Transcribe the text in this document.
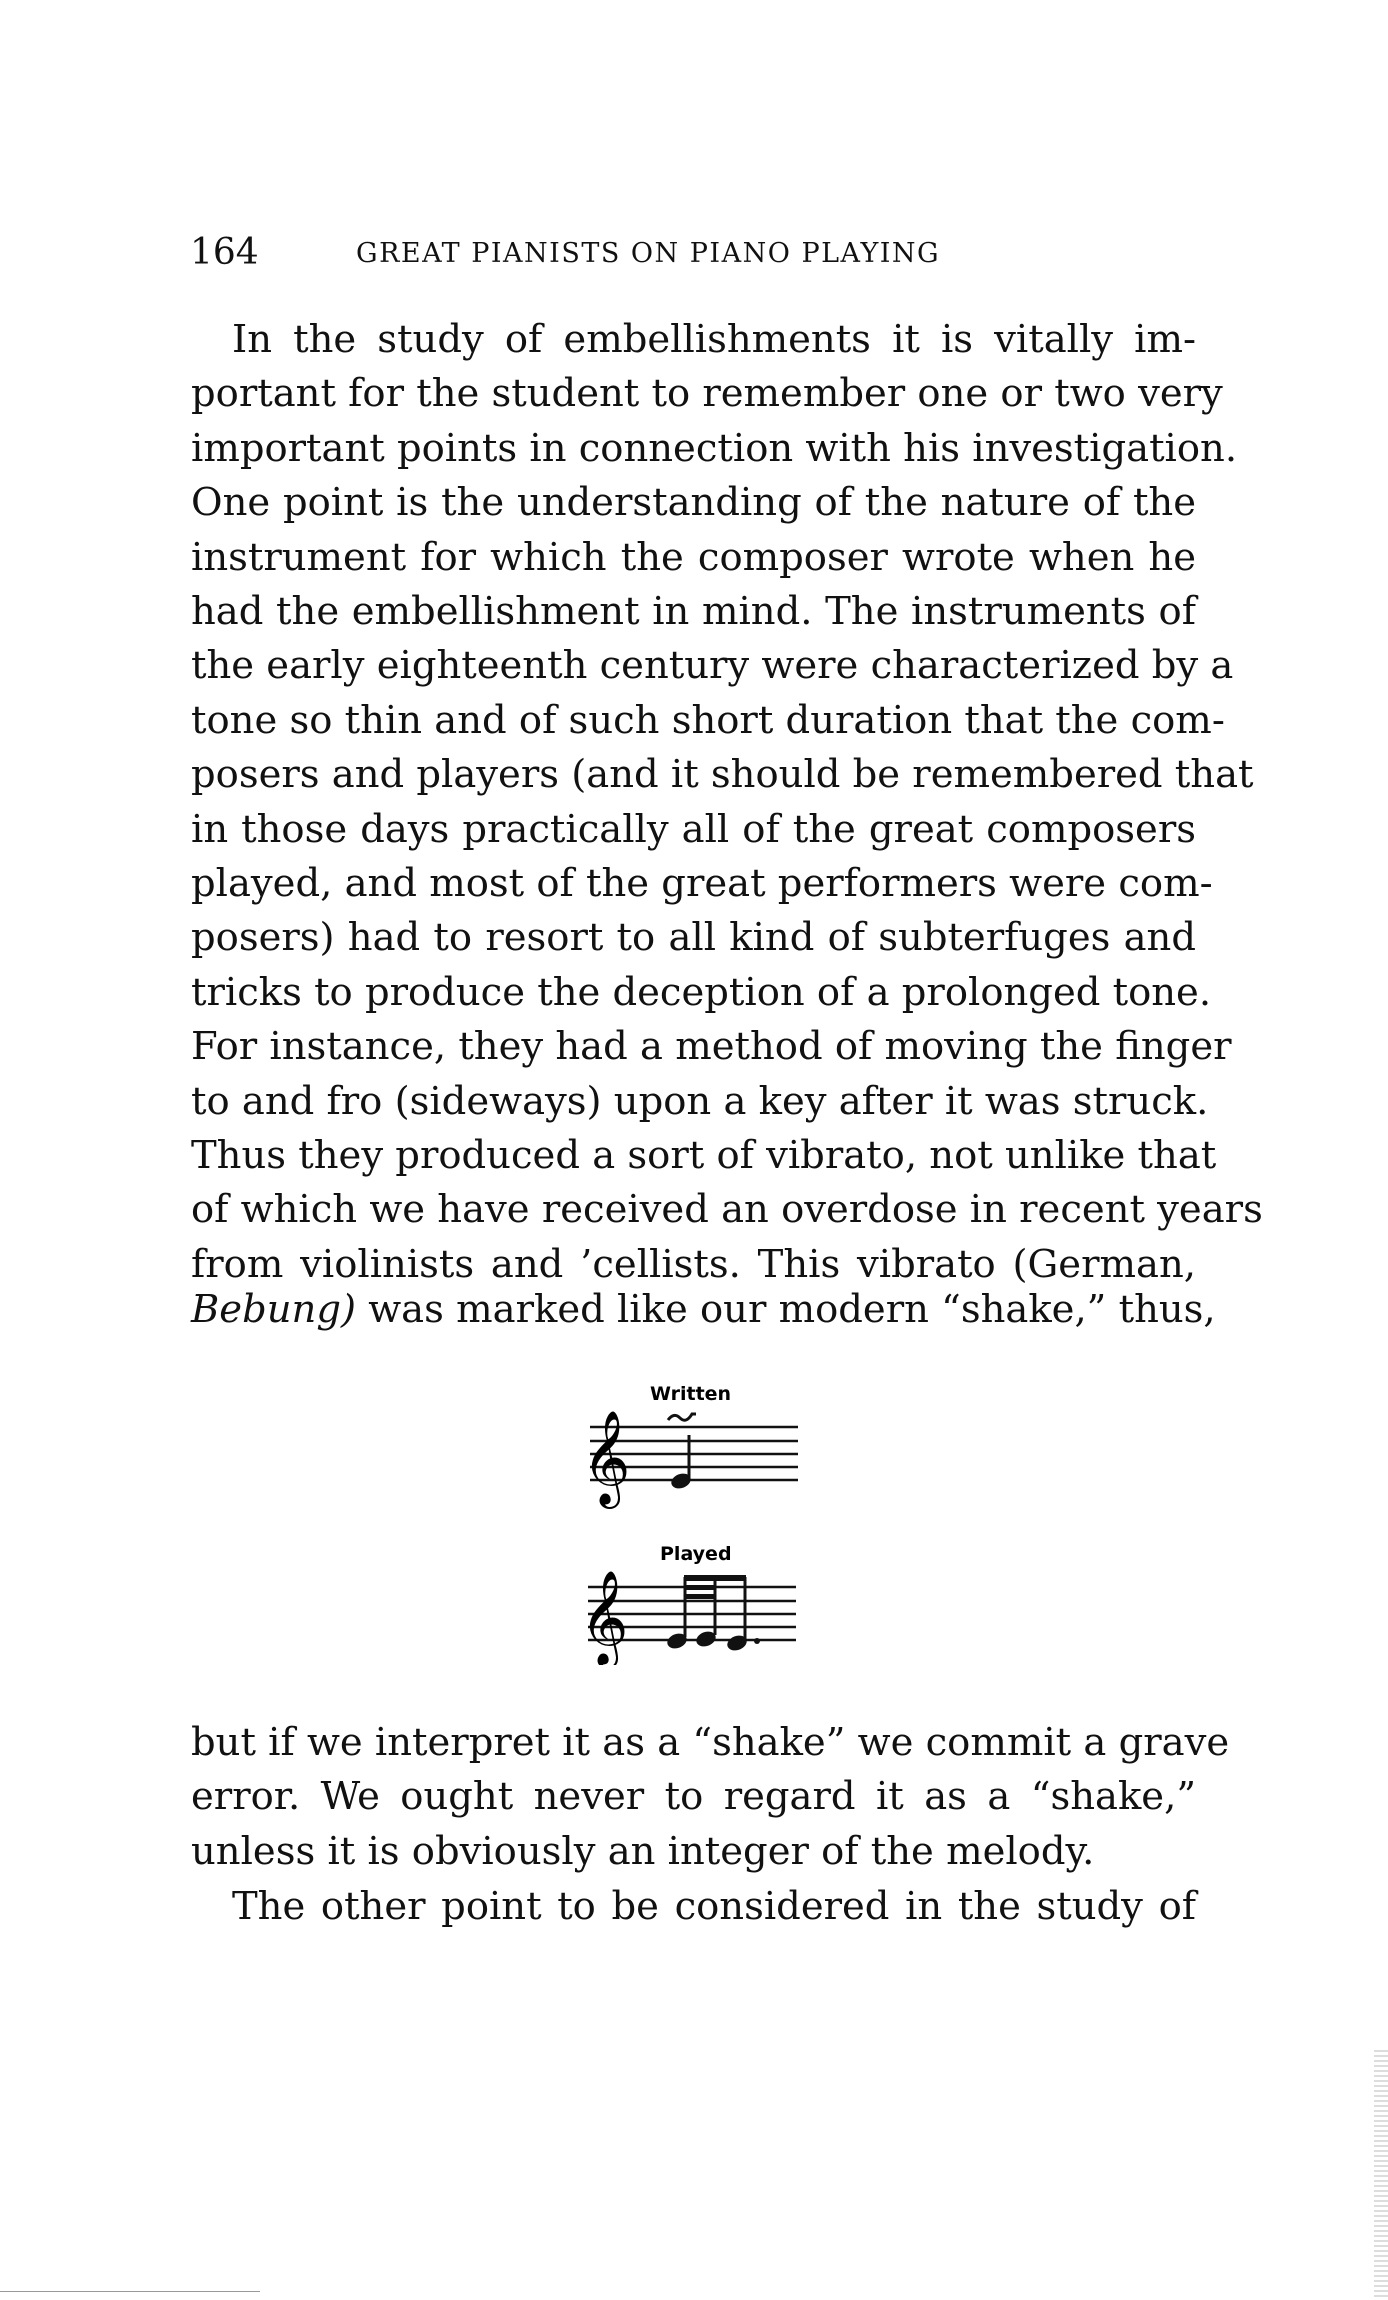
164	GREAT PIANISTS ON PIANO PLAYING
In the study of embellishments it is vitally im-
portant for the student to remember one or two very
important points in connection with his investigation.
One point is the understanding of the nature of the
instrument for which the composer wrote when he
had the embellishment in mind. The instruments of
the early eighteenth century were characterized by a
tone so thin and of such short duration that the com-
posers and players (and it should be remembered that
in those days practically all of the great composers
played, and most of the great performers were com-
posers) had to resort to all kind of subterfuges and
tricks to produce the deception of a prolonged tone.
For instance, they had a method of moving the finger
to and fro (sideways) upon a key after it was struck.
Thus they produced a sort of vibrato, not unlike that
of which we have received an overdose in recent years
from violinists and ’cellists. This vibrato (German,
Bebung) was marked like our modern “shake,” thus,
Written
𝄞
Played
𝄞
but if we interpret it as a “shake” we commit a grave
error. We ought never to regard it as a “shake,”
unless it is obviously an integer of the melody.
The other point to be considered in the study of
